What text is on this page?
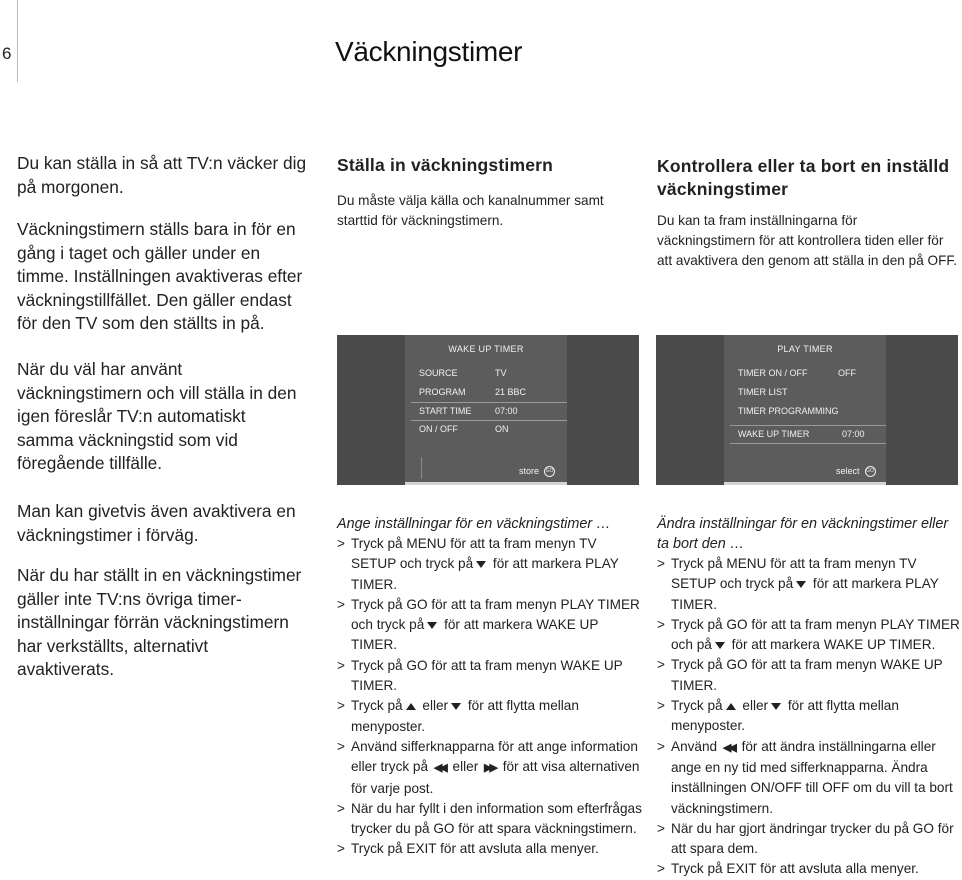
6	Väckningstimer

Du kan ställa in så att TV:n väcker dig på morgonen.

Väckningstimern ställs bara in för en gång i taget och gäller under en timme. Inställningen avaktiveras efter väckningstillfället. Den gäller endast för den TV som den ställts in på.

När du väl har använt väckningstimern och vill ställa in den igen föreslår TV:n automatiskt samma väckningstid som vid föregående tillfälle.

Man kan givetvis även avaktivera en väckningstimer i förväg.

När du har ställt in en väckningstimer gäller inte TV:ns övriga timer-inställningar förrän väckningstimern har verkställts, alternativt avaktiverats.

Ställa in väckningstimern

Du måste välja källa och kanalnummer samt starttid för väckningstimern.

WAKE UP TIMER
SOURCE	TV
PROGRAM	21 BBC
START TIME	07:00
ON / OFF	ON
store GO
Ange inställningar för en väckningstimer …
> Tryck på MENU för att ta fram menyn TV SETUP och tryck på för att markera PLAY TIMER.
> Tryck på GO för att ta fram menyn PLAY TIMER och tryck på för att markera WAKE UP TIMER.
> Tryck på GO för att ta fram menyn WAKE UP TIMER.
> Tryck på eller för att flytta mellan menyposter.
> Använd sifferknapparna för att ange information eller tryck på ◀◀ eller ▶▶ för att visa alternativen för varje post.
> När du har fyllt i den information som efterfrågas trycker du på GO för att spara väckningstimern.
> Tryck på EXIT för att avsluta alla menyer.
Kontrollera eller ta bort en inställd väckningstimer

Du kan ta fram inställningarna för väckningstimern för att kontrollera tiden eller för att avaktivera den genom att ställa in den på OFF.

PLAY TIMER
TIMER ON / OFF	OFF
TIMER LIST
TIMER PROGRAMMING
WAKE UP TIMER	07:00
select GO
Ändra inställningar för en väckningstimer eller ta bort den …
> Tryck på MENU för att ta fram menyn TV SETUP och tryck på för att markera PLAY TIMER.
> Tryck på GO för att ta fram menyn PLAY TIMER och på för att markera WAKE UP TIMER.
> Tryck på GO för att ta fram menyn WAKE UP TIMER.
> Tryck på eller för att flytta mellan menyposter.
> Använd ◀◀ för att ändra inställningarna eller ange en ny tid med sifferknapparna. Ändra inställningen ON/OFF till OFF om du vill ta bort väckningstimern.
> När du har gjort ändringar trycker du på GO för att spara dem.
> Tryck på EXIT för att avsluta alla menyer.
